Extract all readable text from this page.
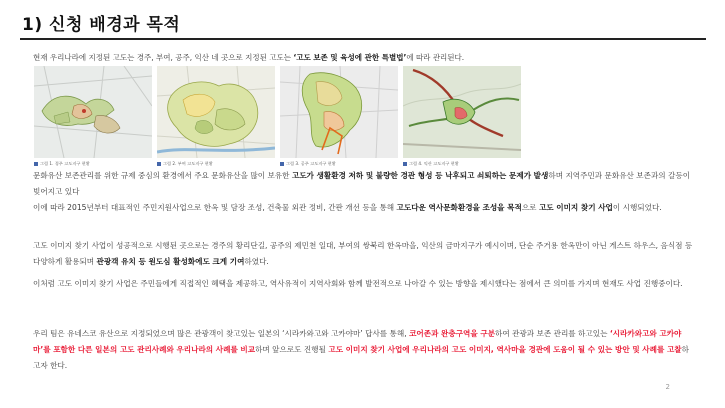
1) 신청 배경과 목적
현재 우리나라에 지정된 고도는 경주, 부여, 공주, 익산 네 곳으로 지정된 고도는 ‘고도 보존 및 육성에 관한 특별법’에 따라 관리된다.
그림 1. 경주 고도지구 현황	그림 2. 부여 고도지구 현황	그림 3. 공주 고도지구 현황	그림 4. 익산 고도지구 현황

문화유산 보존관리를 위한 규제 중심의 환경에서 주요 문화유산을 많이 보유한 고도가 생활환경 저하 및 불량한 경관 형성 등 낙후되고 쇠퇴하는 문제가 발생하며 지역주민과 문화유산 보존과의 갈등이 빚어지고 있다

이에 따라 2015년부터 대표적인 주민지원사업으로 한옥 및 담장 조성, 건축물 외관 정비, 간판 개선 등을 통해 고도다운 역사문화환경을 조성을 목적으로 고도 이미지 찾기 사업이 시행되었다.

고도 이미지 찾기 사업이 성공적으로 시행된 곳으로는 경주의 황리단길, 공주의 제민천 일대, 부여의 쌍북리 한옥마을, 익산의 금마지구가 예시이며, 단순 주거용 한옥만이 아닌 게스트 하우스, 음식점 등 다양하게 활용되며 관광객 유치 등 원도심 활성화에도 크게 기여하였다.

이처럼 고도 이미지 찾기 사업은 주민들에게 직접적인 혜택을 제공하고, 역사유적이 지역사회와 함께 발전적으로 나아갈 수 있는 방향을 제시했다는 점에서 큰 의미를 가지며 현재도 사업 진행중이다.

우리 팀은 유네스코 유산으로 지정되었으며 많은 관광객이 찾고있는 일본의 ‘시라카와고와 고카야마’ 답사를 통해, 코어존과 완충구역을 구분하여 관광과 보존 관리를 하고있는 ‘시라카와고와 고카야마’를 포함한 다른 일본의 고도 관리사례와 우리나라의 사례를 비교하며 앞으로도 진행될 고도 이미지 찾기 사업에 우리나라의 고도 이미지, 역사마을 경관에 도움이 될 수 있는 방안 및 사례를 고찰하고자 한다.

2
